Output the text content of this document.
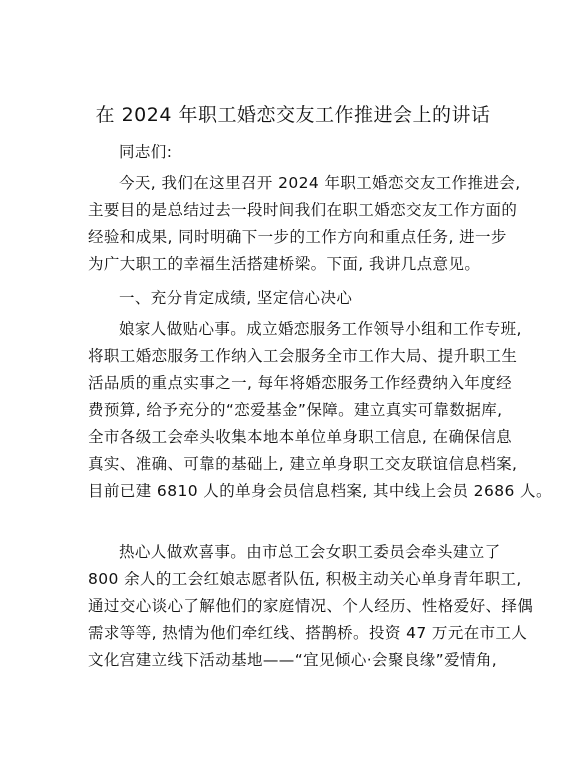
在 2024 年职工婚恋交友工作推进会上的讲话
同志们:
今天, 我们在这里召开 2024 年职工婚恋交友工作推进会,
主要目的是总结过去一段时间我们在职工婚恋交友工作方面的
经验和成果, 同时明确下一步的工作方向和重点任务, 进一步
为广大职工的幸福生活搭建桥梁。下面, 我讲几点意见。
一、充分肯定成绩, 坚定信心决心
娘家人做贴心事。成立婚恋服务工作领导小组和工作专班,
将职工婚恋服务工作纳入工会服务全市工作大局、提升职工生
活品质的重点实事之一, 每年将婚恋服务工作经费纳入年度经
费预算, 给予充分的“恋爱基金”保障。建立真实可靠数据库,
全市各级工会牵头收集本地本单位单身职工信息, 在确保信息
真实、准确、可靠的基础上, 建立单身职工交友联谊信息档案,
目前已建 6810 人的单身会员信息档案, 其中线上会员 2686 人。
热心人做欢喜事。由市总工会女职工委员会牵头建立了
800 余人的工会红娘志愿者队伍, 积极主动关心单身青年职工,
通过交心谈心了解他们的家庭情况、个人经历、性格爱好、择偶
需求等等, 热情为他们牵红线、搭鹊桥。投资 47 万元在市工人
文化宫建立线下活动基地——“宜见倾心·会聚良缘”爱情角,
